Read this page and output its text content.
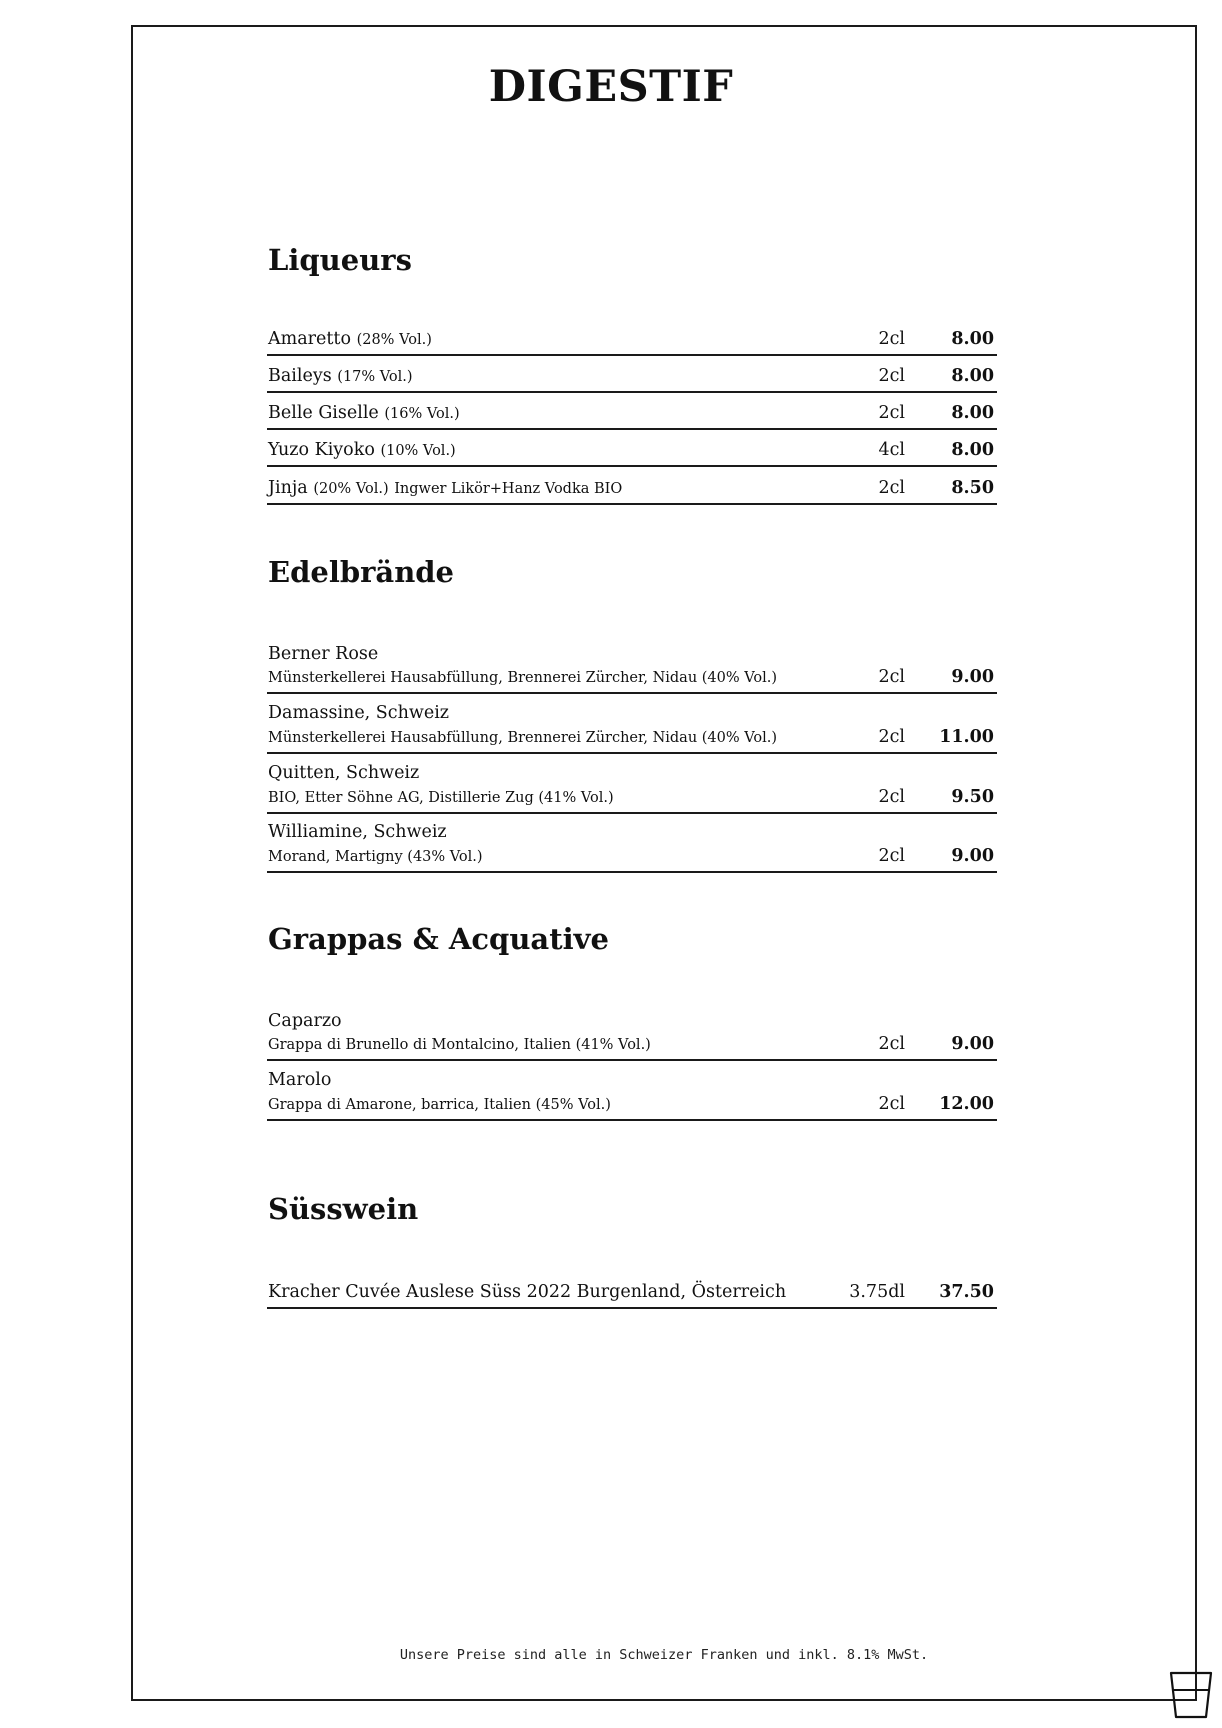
DIGESTIF
Liqueurs
Amaretto (28% Vol.)	2cl	8.00
Baileys (17% Vol.)	2cl	8.00
Belle Giselle (16% Vol.)	2cl	8.00
Yuzo Kiyoko (10% Vol.)	4cl	8.00
Jinja (20% Vol.) Ingwer Likör+Hanz Vodka BIO	2cl	8.50
Edelbrände
Berner Rose
Münsterkellerei Hausabfüllung, Brennerei Zürcher, Nidau (40% Vol.)	2cl	9.00
Damassine, Schweiz
Münsterkellerei Hausabfüllung, Brennerei Zürcher, Nidau (40% Vol.)	2cl 11.00
Quitten, Schweiz
BIO, Etter Söhne AG, Distillerie Zug (41% Vol.)	2cl	9.50
Williamine, Schweiz
Morand, Martigny (43% Vol.)	2cl	9.00
Grappas & Acquative
Caparzo
Grappa di Brunello di Montalcino, Italien (41% Vol.)	2cl	9.00
Marolo
Grappa di Amarone, barrica, Italien (45% Vol.)	2cl 12.00
Süsswein
Kracher Cuvée Auslese Süss 2022 Burgenland, Österreich	3.75dl 37.50
Unsere Preise sind alle in Schweizer Franken und inkl. 8.1% MwSt.
